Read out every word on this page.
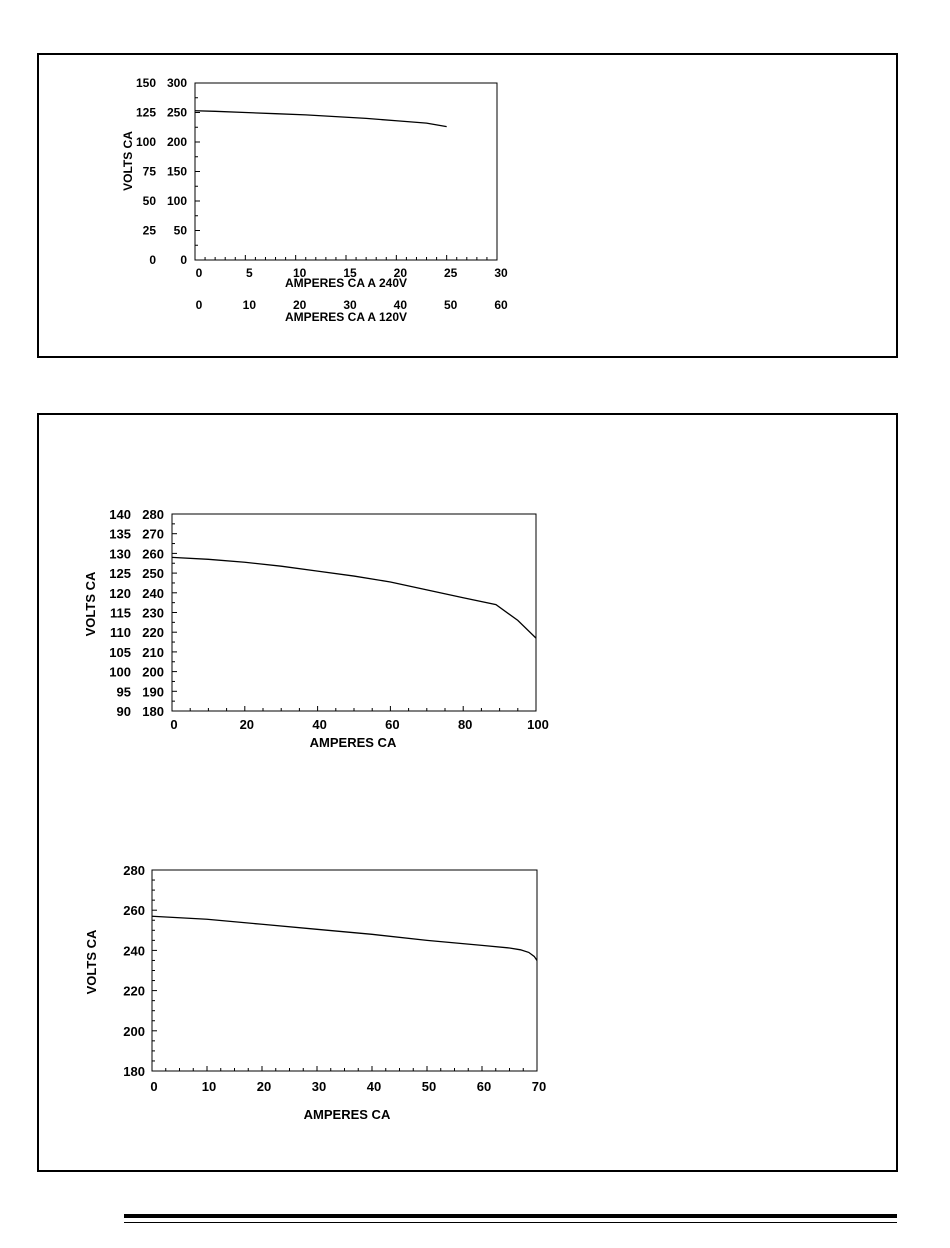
0	5	10	15	20	25	30
AMPERES CA A 240V
0	10	20	30	40	50	60
AMPERES CA A 120V
0
50
100
150
200
250
300
0
25
50
75
100
125
150
VOLTS CA
0	20	40	60	80	100
AMPERES CA
180
190
200
210
220
230
240
250
260
270
280
90
95
100
105
110
115
120
125
130
135
140
VOLTS CA
0	10	20	30	40	50	60	70
AMPERES CA
180
200
220
240
260
280
VOLTS CA
